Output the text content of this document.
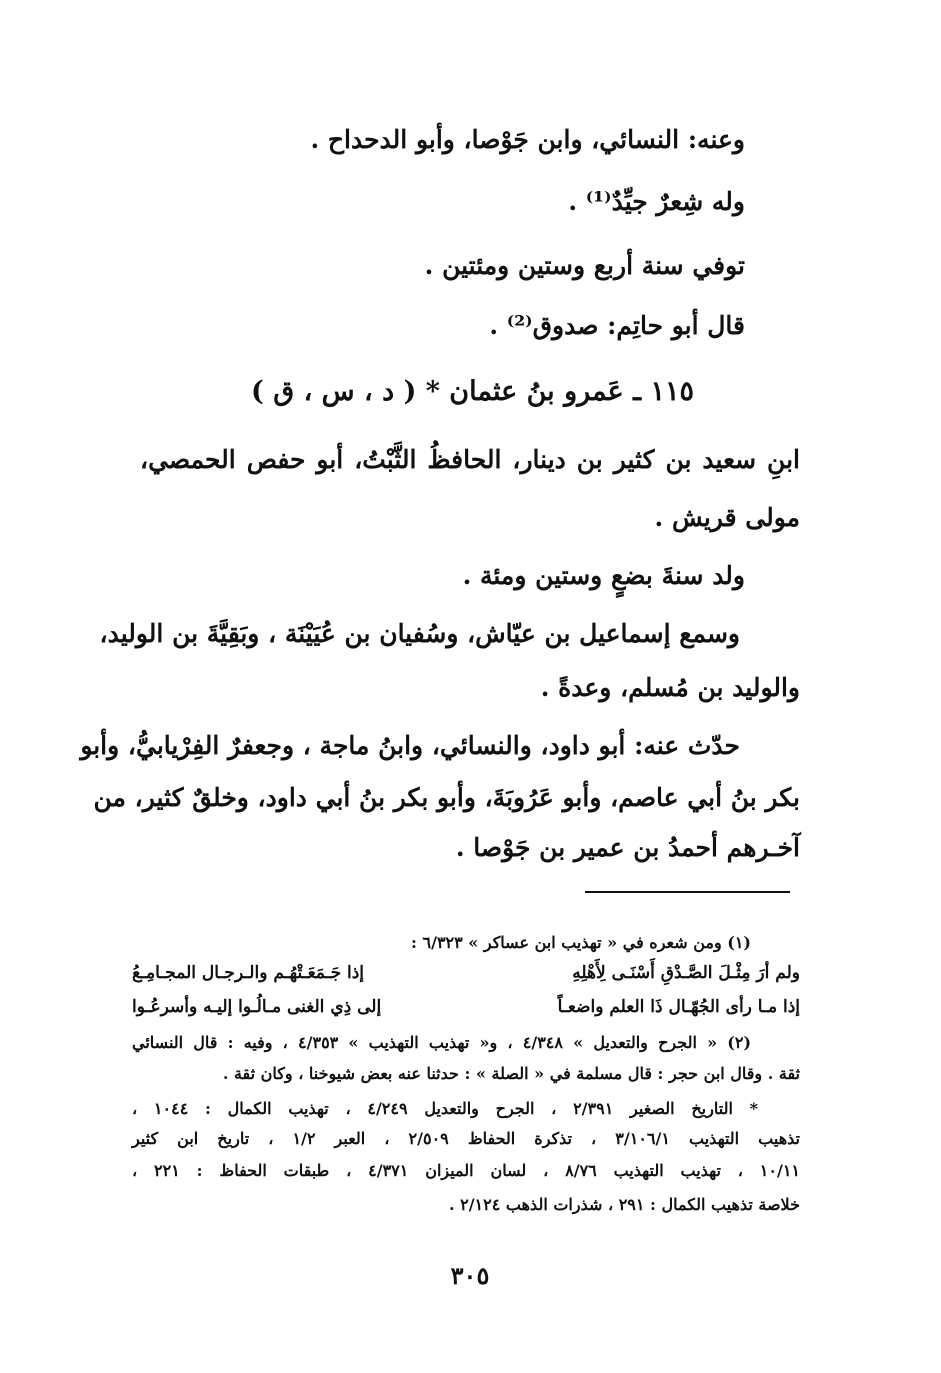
وعنه: النسائي، وابن جَوْصا، وأبو الدحداح .
وله شِعرٌ جيِّدٌ⁽¹⁾ .
توفي سنة أربع وستين ومئتين .
قال أبو حاتِم: صدوق⁽²⁾ .
١١٥ ـ عَمرو بنُ عثمان * ( د ، س ، ق )
ابنِ سعيد بن كثير بن دينار، الحافظُ الثَّبْتُ، أبو حفص الحمصي،
مولى قريش .
ولد سنةَ بضعٍ وستين ومئة .
وسمع إسماعيل بن عيّاش، وسُفيان بن عُيَيْنَة ، وبَقِيَّةَ بن الوليد،
والوليد بن مُسلم، وعدةً .
حدّث عنه: أبو داود، والنسائي، وابنُ ماجة ، وجعفرٌ الفِرْيابيُّ، وأبو
بكر بنُ أبي عاصم، وأبو عَرُوبَةَ، وأبو بكر بنُ أبي داود، وخلقٌ كثير، من
آخـرهم أحمدُ بن عمير بن جَوْصا .
(١) ومن شعره في « تهذيب ابن عساكر » ٦/٣٢٣ :
ولم أرَ مِثْـلَ الصَّـدْقِ أَسْنَـى لِأَهْلِهِ
إذا جَـمَعَـتْهُـم والـرجـال المجـامِـعُ
إذا مـا رأى الجُهّـال ذَا العلم واضعـاً
إلى ذِي الغنى مـالُـوا إليـه وأسرعُـوا
(٢) « الجرح والتعديل » ٤/٣٤٨ ، و« تهذيب التهذيب » ٤/٣٥٣ ، وفيه : قال النسائي
ثقة . وقال ابن حجر : قال مسلمة في « الصلة » : حدثنا عنه بعض شيوخنا ، وكان ثقة .
* التاريخ الصغير ٢/٣٩١ ، الجرح والتعديل ٤/٢٤٩ ، تهذيب الكمال : ١٠٤٤ ،
تذهيب التهذيب ٣/١٠٦/١ ، تذكرة الحفاظ ٢/٥٠٩ ، العبر ١/٢ ، تاريخ ابن كثير
١٠/١١ ، تهذيب التهذيب ٨/٧٦ ، لسان الميزان ٤/٣٧١ ، طبقات الحفاظ : ٢٢١ ،
خلاصة تذهيب الكمال : ٢٩١ ، شذرات الذهب ٢/١٢٤ .
٣٠٥
